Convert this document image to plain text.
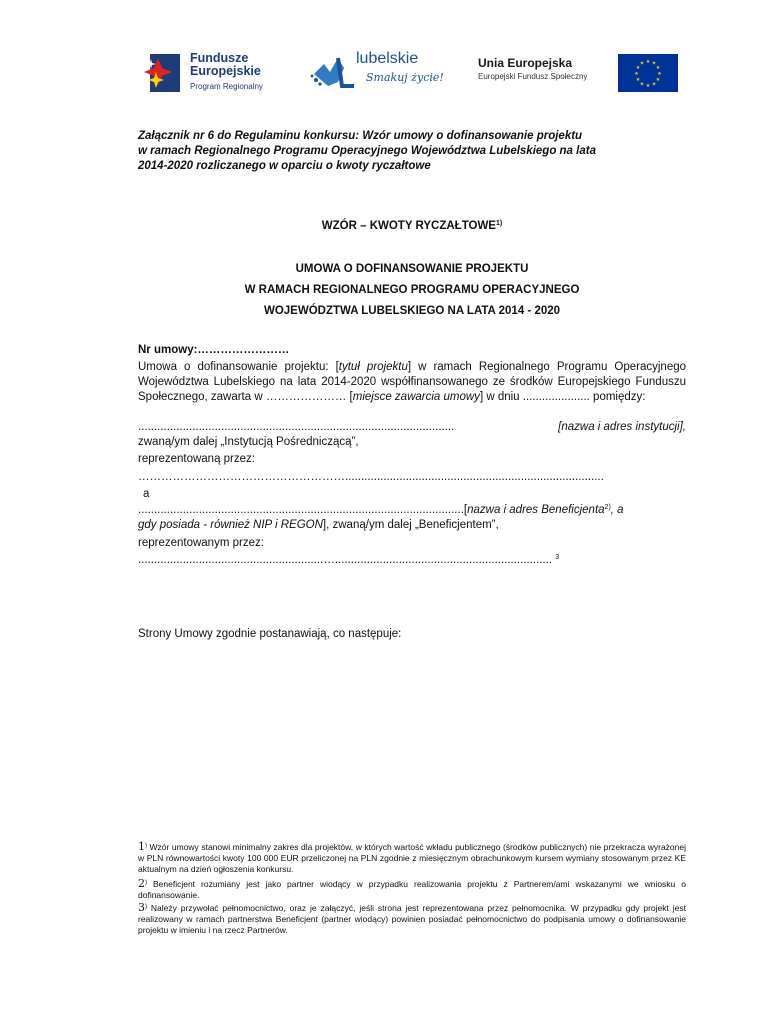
Fundusze
Europejskie
Program Regionalny
lubelskie
Smakuj życie!
Unia Europejska
Europejski Fundusz Społeczny
★ ★
★
★
★
★
★
★
★
★
★
★
Załącznik nr 6 do Regulaminu konkursu: Wzór umowy o dofinansowanie projektu
w ramach Regionalnego Programu Operacyjnego Województwa Lubelskiego na lata
2014-2020 rozliczanego w oparciu o kwoty ryczałtowe
WZÓR – KWOTY RYCZAŁTOWE$^{1)}$
UMOWA O DOFINANSOWANIE PROJEKTU
W RAMACH REGIONALNEGO PROGRAMU OPERACYJNEGO
WOJEWÓDZTWA LUBELSKIEGO NA LATA 2014 - 2020
Nr umowy:……………………
Umowa o dofinansowanie projektu: [tytuł projektu] w ramach Regionalnego Programu Operacyjnego Województwa Lubelskiego na lata 2014-2020 współfinansowanego ze środków Europejskiego Funduszu Społecznego, zawarta w ………………… [miejsce zawarcia umowy] w dniu ..................... pomiędzy:
...................................................................................................	[nazwa i adres instytucji],
zwaną/ym dalej „Instytucją Pośredniczącą”,
reprezentowaną przez:
……………………………………………….................................................................................
a
......................................................................................................[nazwa i adres Beneficjenta$^{2)}$, a
gdy posiada - również NIP i REGON], zwaną/ym dalej „Beneficjentem”,
reprezentowanym przez:
..........................................................….................................................................... $^3$
Strony Umowy zgodnie postanawiają, co następuje:
1) Wzór umowy stanowi minimalny zakres dla projektów, w których wartość wkładu publicznego (środków publicznych) nie przekracza wyrażonej w PLN równowartości kwoty 100 000 EUR przeliczonej na PLN zgodnie z miesięcznym obrachunkowym kursem wymiany stosowanym przez KE aktualnym na dzień ogłoszenia konkursu.
2) Beneficjent rozumiany jest jako partner wiodący w przypadku realizowania projektu z Partnerem/ami wskazanymi we wniosku o dofinansowanie.
3) Należy przywołać pełnomocnictwo, oraz je załączyć, jeśli strona jest reprezentowana przez pełnomocnika. W przypadku gdy projekt jest realizowany w ramach partnerstwa Beneficjent (partner wiodący) powinien posiadać pełnomocnictwo do podpisania umowy o dofinansowanie projektu w imieniu i na rzecz Partnerów.
